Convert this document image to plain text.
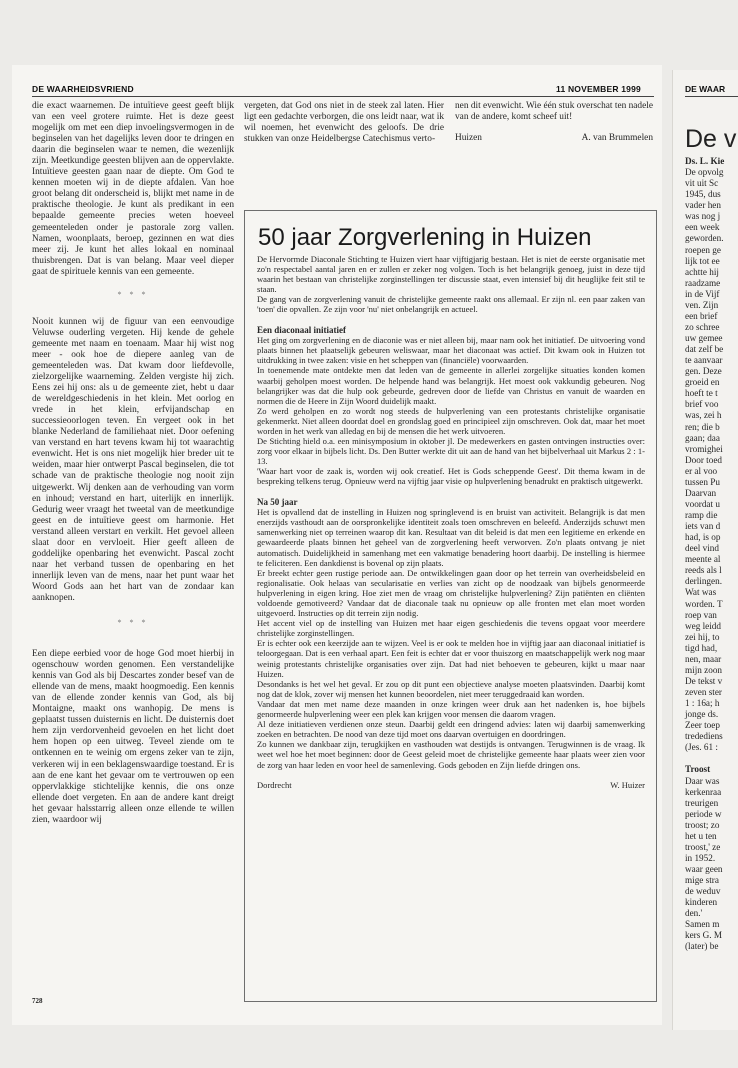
DE WAARHEIDSVRIEND	11 NOVEMBER 1999

die exact waarnemen. De intuïtieve geest geeft blijk van een veel grotere ruimte. Het is deze geest mogelijk om met een diep invoelingsvermogen in de beginselen van het dagelijks leven door te dringen en daarin die beginselen waar te nemen, die wezenlijk zijn. Meetkundige geesten blijven aan de oppervlakte. Intuïtieve geesten gaan naar de diepte. Om God te kennen moeten wij in de diepte afdalen. Van hoe groot belang dit onderscheid is, blijkt met name in de praktische theologie. Je kunt als predikant in een bepaalde gemeente precies weten hoeveel gemeenteleden onder je pastorale zorg vallen. Namen, woonplaats, beroep, gezinnen en wat dies meer zij. Je kunt het alles lokaal en nominaal thuisbrengen. Dat is van belang. Maar veel dieper gaat de spirituele kennis van een gemeente.

* * *

Nooit kunnen wij de figuur van een eenvoudige Veluwse ouderling vergeten. Hij kende de gehele gemeente met naam en toenaam. Maar hij wist nog meer - ook hoe de diepere aanleg van de gemeenteleden was. Dat kwam door liefdevolle, zielzorgelijke waarneming. Zelden vergiste hij zich. Eens zei hij ons: als u de gemeente ziet, hebt u daar de wereldgeschiedenis in het klein. Met oorlog en vrede in het klein, erfvijandschap en successieoorlogen teven. En vergeet ook in het blanke Nederland de familiehaat niet. Door oefening van verstand en hart tevens kwam hij tot waarachtig evenwicht. Het is ons niet mogelijk hier breder uit te weiden, maar hier ontwerpt Pascal beginselen, die tot schade van de praktische theologie nog nooit zijn uitgewerkt. Wij denken aan de verhouding van vorm en inhoud; verstand en hart, uiterlijk en innerlijk. Gedurig weer vraagt het tweetal van de meetkundige geest en de intuïtieve geest om harmonie. Het verstand alleen verstart en verkilt. Het gevoel alleen slaat door en vervloeit. Hier geeft alleen de goddelijke openbaring het evenwicht. Pascal zocht naar het verband tussen de openbaring en het innerlijk leven van de mens, naar het punt waar het Woord Gods aan het hart van de zondaar kan aanknopen.

* * *

Een diepe eerbied voor de hoge God moet hierbij in ogenschouw worden genomen. Een verstandelijke kennis van God als bij Descartes zonder besef van de ellende van de mens, maakt hoogmoedig. Een kennis van de ellende zonder kennis van God, als bij Montaigne, maakt ons wanhopig. De mens is geplaatst tussen duisternis en licht. De duisternis doet hem zijn verdorvenheid gevoelen en het licht doet hem hopen op een uitweg. Teveel ziende om te ontkennen en te weinig om ergens zeker van te zijn, verkeren wij in een beklagenswaardige toestand. Er is aan de ene kant het gevaar om te vertrouwen op een oppervlakkige stichtelijke kennis, die ons onze ellende doet vergeten. En aan de andere kant dreigt het gevaar halsstarrig alleen onze ellende te willen zien, waardoor wij

vergeten, dat God ons niet in de steek zal laten. Hier ligt een gedachte verborgen, die ons leidt naar, wat ik wil noemen, het evenwicht des geloofs. De drie stukken van onze Heidelbergse Catechismus verto-

nen dit evenwicht. Wie één stuk overschat ten nadele van de andere, komt scheef uit!

Huizen	A. van Brummelen
50 jaar Zorgverlening in Huizen

De Hervormde Diaconale Stichting te Huizen viert haar vijftigjarig bestaan. Het is niet de eerste organisatie met zo'n respectabel aantal jaren en er zullen er zeker nog volgen. Toch is het belangrijk genoeg, juist in deze tijd waarin het bestaan van christelijke zorginstellingen ter discussie staat, even intensief bij dit heuglijke feit stil te staan.

De gang van de zorgverlening vanuit de christelijke gemeente raakt ons allemaal. Er zijn nl. een paar zaken van 'toen' die opvallen. Ze zijn voor 'nu' niet onbelangrijk en actueel.

Een diaconaal initiatief

Het ging om zorgverlening en de diaconie was er niet alleen bij, maar nam ook het initiatief. De uitvoering vond plaats binnen het plaatselijk gebeuren weliswaar, maar het diaconaat was actief. Dit kwam ook in Huizen tot uitdrukking in twee zaken: visie en het scheppen van (financiële) voorwaarden.

In toenemende mate ontdekte men dat leden van de gemeente in allerlei zorgelijke situaties konden komen waarbij geholpen moest worden. De helpende hand was belangrijk. Het moest ook vakkundig gebeuren. Nog belangrijker was dat die hulp ook gebeurde, gedreven door de liefde van Christus en vanuit de waarden en normen die de Heere in Zijn Woord duidelijk maakt.

Zo werd geholpen en zo wordt nog steeds de hulpverlening van een protestants christelijke organisatie gekenmerkt. Niet alleen doordat doel en grondslag goed en principieel zijn omschreven. Ook dat, maar het moet worden in het werk van alledag en bij de mensen die het werk uitvoeren.

De Stichting hield o.a. een minisymposium in oktober jl. De medewerkers en gasten ontvingen instructies over: zorg voor elkaar in bijbels licht. Ds. Den Butter werkte dit uit aan de hand van het bijbelverhaal uit Markus 2 : 1-13.

'Waar hart voor de zaak is, worden wij ook creatief. Het is Gods scheppende Geest'. Dit thema kwam in de bespreking telkens terug. Opnieuw werd na vijftig jaar visie op hulpverlening benadrukt en praktisch uitgewerkt.

Na 50 jaar

Het is opvallend dat de instelling in Huizen nog springlevend is en bruist van activiteit. Belangrijk is dat men enerzijds vasthoudt aan de oorspronkelijke identiteit zoals toen omschreven en beleefd. Anderzijds schuwt men samenwerking niet op terreinen waarop dit kan. Resultaat van dit beleid is dat men een legitieme en erkende en gewaardeerde plaats binnen het geheel van de zorgverlening heeft verworven. Zo'n plaats ontvang je niet automatisch. Duidelijkheid in samenhang met een vakmatige benadering hoort daarbij. De instelling is hiermee te feliciteren. Een dankdienst is bovenal op zijn plaats.

Er breekt echter geen rustige periode aan. De ontwikkelingen gaan door op het terrein van overheidsbeleid en regionalisatie. Ook helaas van secularisatie en verlies van zicht op de noodzaak van bijbels genormeerde hulpverlening in eigen kring. Hoe ziet men de vraag om christelijke hulpverlening? Zijn patiënten en cliënten voldoende gemotiveerd? Vandaar dat de diaconale taak nu opnieuw op alle fronten met elan moet worden uitgevoerd. Instructies op dit terrein zijn nodig.

Het accent viel op de instelling van Huizen met haar eigen geschiedenis die tevens opgaat voor meerdere christelijke zorginstellingen.

Er is echter ook een keerzijde aan te wijzen. Veel is er ook te melden hoe in vijftig jaar aan diaconaal initiatief is teloorgegaan. Dat is een verhaal apart. Een feit is echter dat er voor thuiszorg en maatschappelijk werk nog maar weinig protestants christelijke organisaties over zijn. Dat had niet behoeven te gebeuren, kijkt u maar naar Huizen.

Desondanks is het wel het geval. Er zou op dit punt een objectieve analyse moeten plaatsvinden. Daarbij komt nog dat de klok, zover wij mensen het kunnen beoordelen, niet meer teruggedraaid kan worden.

Vandaar dat men met name deze maanden in onze kringen weer druk aan het nadenken is, hoe bijbels genormeerde hulpverlening weer een plek kan krijgen voor mensen die daarom vragen.

Al deze initiatieven verdienen onze steun. Daarbij geldt een dringend advies: laten wij daarbij samenwerking zoeken en betrachten. De nood van deze tijd moet ons daarvan overtuigen en doordringen.

Zo kunnen we dankbaar zijn, terugkijken en vasthouden wat destijds is ontvangen. Terugwinnen is de vraag. Ik weet wel hoe het moet beginnen: door de Geest geleid moet de christelijke gemeente haar plaats weer zien voor de zorg van haar leden en voor heel de samenleving. Gods geboden en Zijn liefde dringen ons.

Dordrecht	W. Huizer
728
DE WAAR
De v
Ds. L. Kie
De opvolg
vit uit Sc
1945, dus
vader hen
was nog j
een week
geworden.
roepen ge
lijk tot ee
achtte hij
raadzame
in de Vijf
ven. Zijn
een brief
zo schree
uw gemee
dat zelf be
te aanvaar
gen. Deze
groeid en
hoeft te t
brief voo
was, zei h
ren; die b
gaan; daa
vromighei
Door toed
er al voo
tussen Pu
Daarvan
voordat u
ramp die
iets van d
had, is op
deel vind
meente al
reeds als l
derlingen.
Wat was
worden. T
roep van
weg leidd
zei hij, to
tigd had,
nen, maar
mijn zoon
De tekst v
zeven ster
1 : 16a; h
jonge ds.
Zeer toep
tredediens
(Jes. 61 :
Troost
Daar was
kerkenraa
treurigen
periode w
troost; zo
het u ten
troost,' ze
in 1952.
waar geen
mige stra
de weduv
kinderen
den.'
Samen m
kers G. M
(later) be
